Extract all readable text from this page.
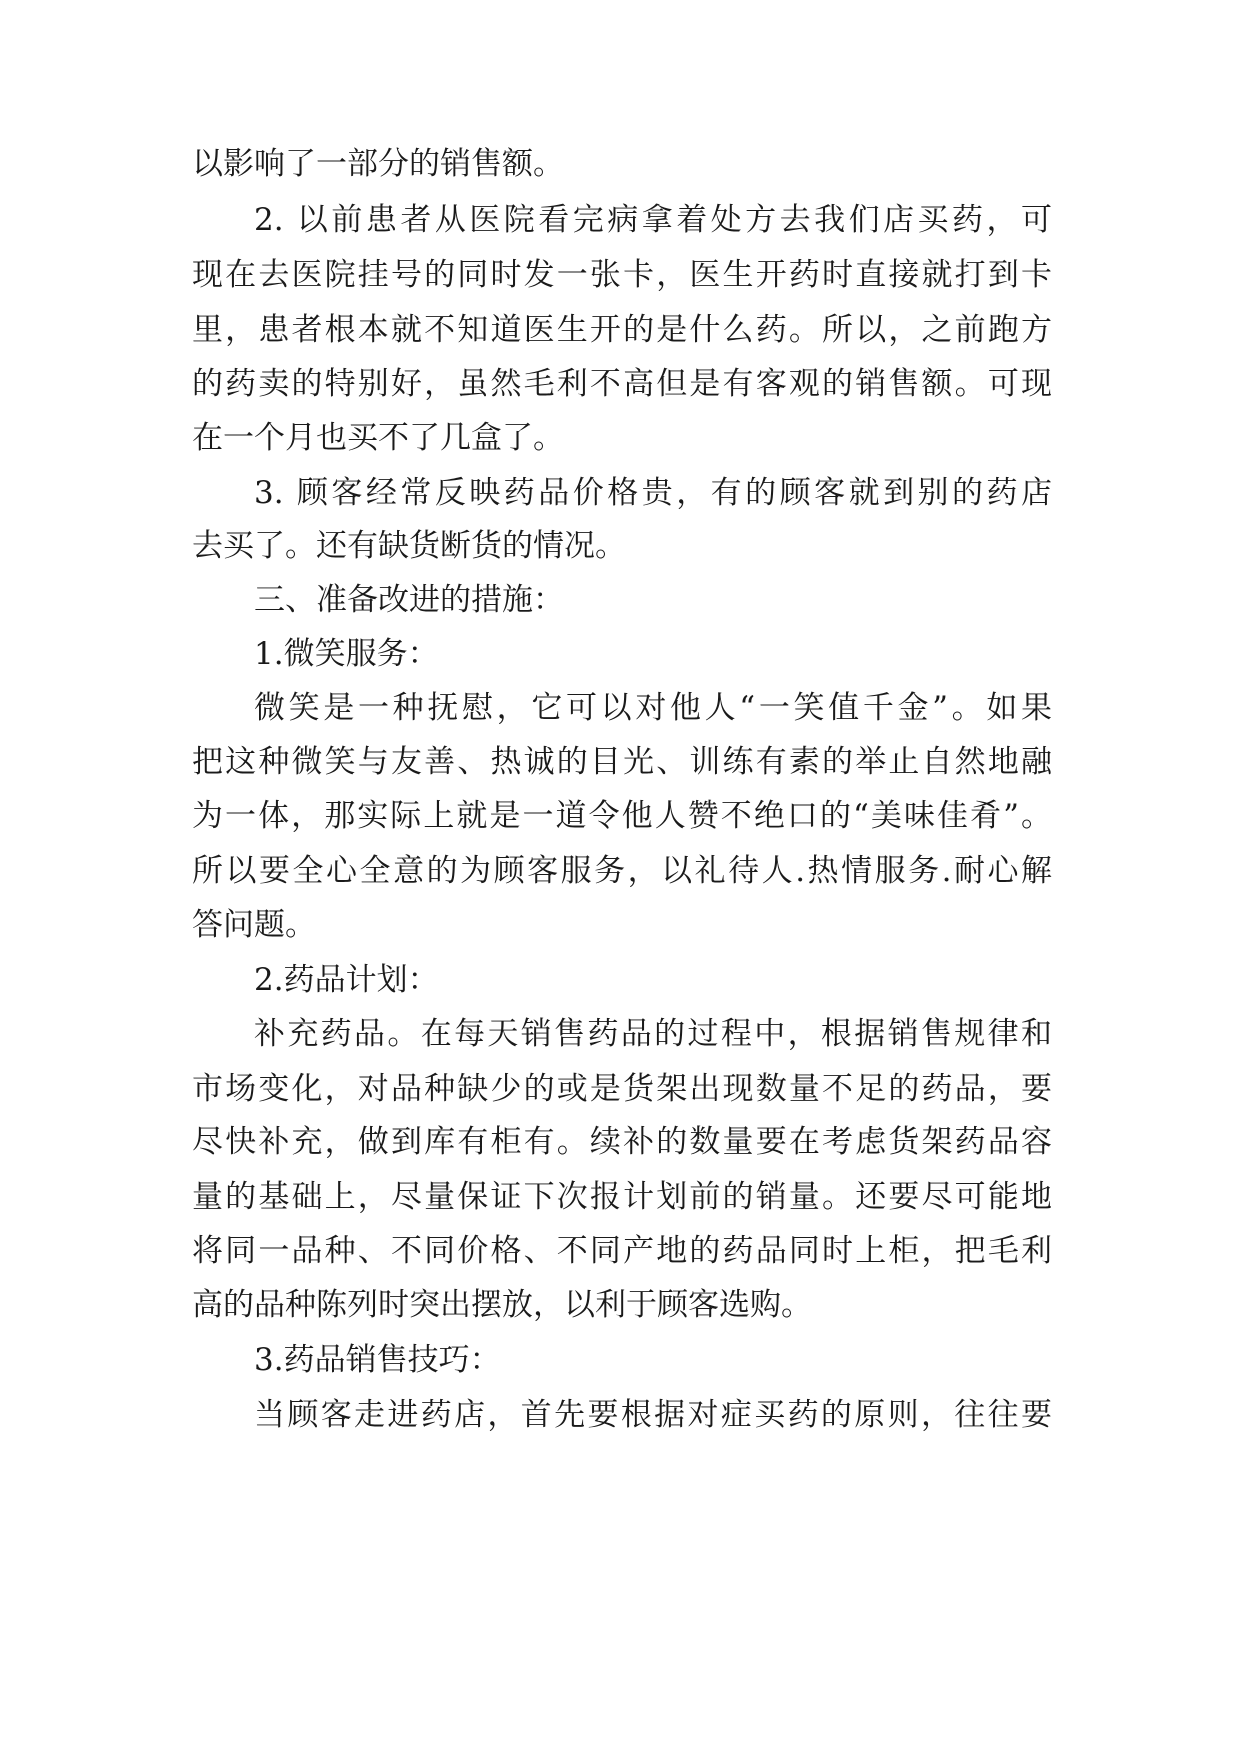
以影响了一部分的销售额。
2. 以前患者从医院看完病拿着处方去我们店买药，可
现在去医院挂号的同时发一张卡，医生开药时直接就打到卡
里，患者根本就不知道医生开的是什么药。所以，之前跑方
的药卖的特别好，虽然毛利不高但是有客观的销售额。可现
在一个月也买不了几盒了。
3. 顾客经常反映药品价格贵，有的顾客就到别的药店
去买了。还有缺货断货的情况。
三、准备改进的措施：
1.微笑服务：
微笑是一种抚慰，它可以对他人“一笑值千金”。如果
把这种微笑与友善、热诚的目光、训练有素的举止自然地融
为一体，那实际上就是一道令他人赞不绝口的“美味佳肴”。
所以要全心全意的为顾客服务，以礼待人.热情服务.耐心解
答问题。
2.药品计划：
补充药品。在每天销售药品的过程中，根据销售规律和
市场变化，对品种缺少的或是货架出现数量不足的药品，要
尽快补充，做到库有柜有。续补的数量要在考虑货架药品容
量的基础上，尽量保证下次报计划前的销量。还要尽可能地
将同一品种、不同价格、不同产地的药品同时上柜，把毛利
高的品种陈列时突出摆放，以利于顾客选购。
3.药品销售技巧：
当顾客走进药店，首先要根据对症买药的原则，往往要
